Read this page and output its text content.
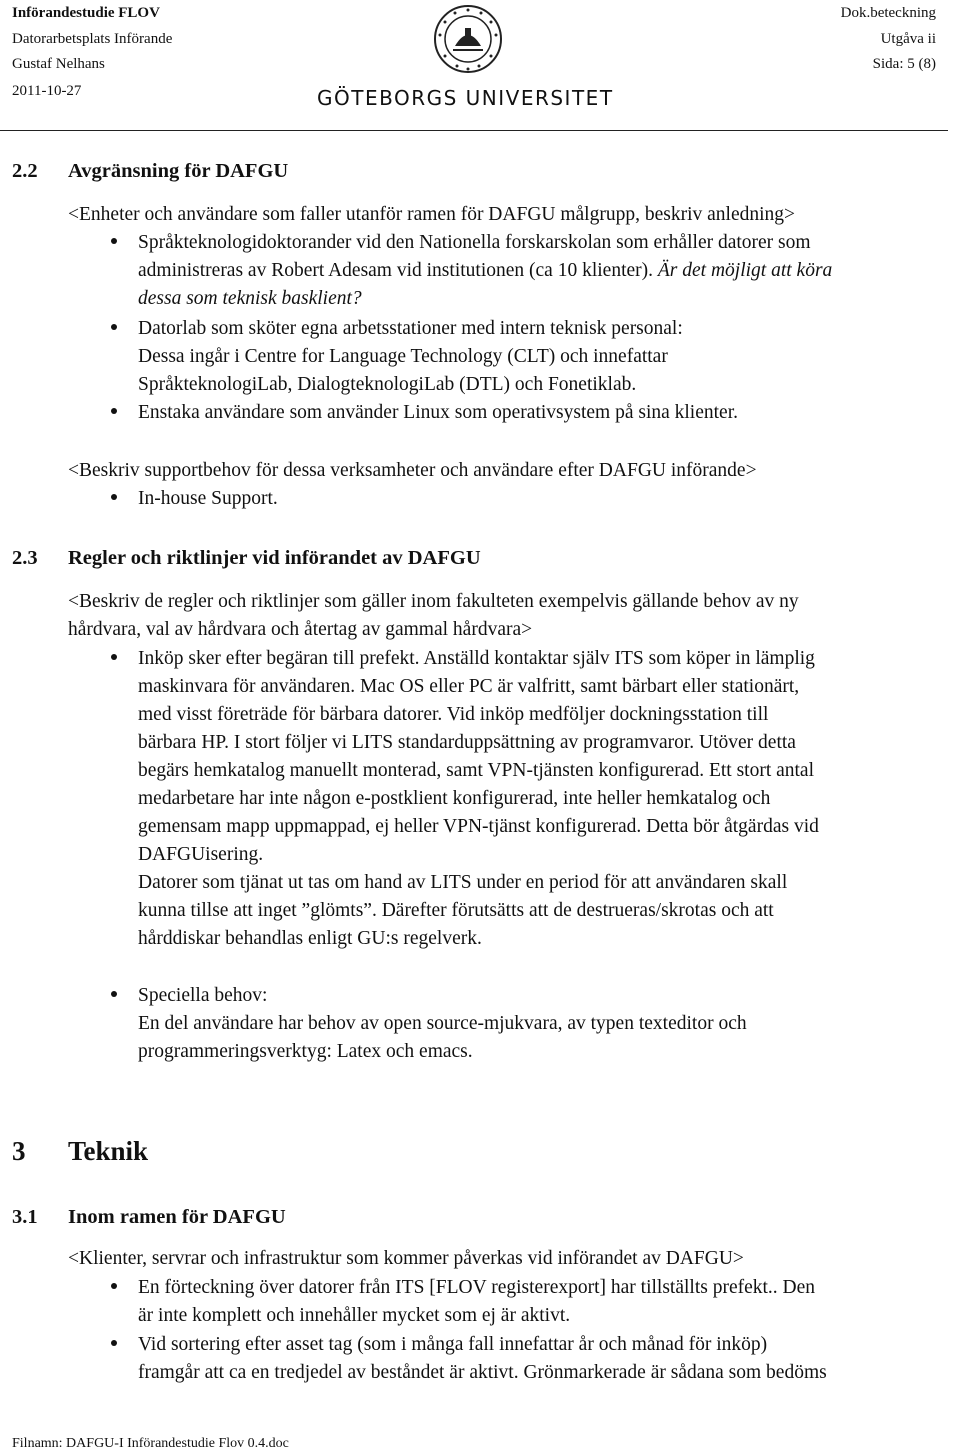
Införandestudie FLOV
Datorarbetsplats Införande
Gustaf Nelhans
2011-10-27
Dok.beteckning
Utgåva ii
Sida: 5 (8)
GÖTEBORGS UNIVERSITET
2.2 Avgränsning för DAFGU
<Enheter och användare som faller utanför ramen för DAFGU målgrupp, beskriv anledning>
Språkteknologidoktorander vid den Nationella forskarskolan som erhåller datorer som
administreras av Robert Adesam vid institutionen (ca 10 klienter). Är det möjligt att köra
dessa som teknisk basklient?
Datorlab som sköter egna arbetsstationer med intern teknisk personal:
Dessa ingår i Centre for Language Technology (CLT) och innefattar
SpråkteknologiLab, DialogteknologiLab (DTL) och Fonetiklab.
Enstaka användare som använder Linux som operativsystem på sina klienter.
<Beskriv supportbehov för dessa verksamheter och användare efter DAFGU införande>
In-house Support.
2.3 Regler och riktlinjer vid införandet av DAFGU
<Beskriv de regler och riktlinjer som gäller inom fakulteten exempelvis gällande behov av ny
hårdvara, val av hårdvara och återtag av gammal hårdvara>
Inköp sker efter begäran till prefekt. Anställd kontaktar själv ITS som köper in lämplig
maskinvara för användaren. Mac OS eller PC är valfritt, samt bärbart eller stationärt,
med visst företräde för bärbara datorer. Vid inköp medföljer dockningsstation till
bärbara HP. I stort följer vi LITS standarduppsättning av programvaror. Utöver detta
begärs hemkatalog manuellt monterad, samt VPN-tjänsten konfigurerad. Ett stort antal
medarbetare har inte någon e-postklient konfigurerad, inte heller hemkatalog och
gemensam mapp uppmappad, ej heller VPN-tjänst konfigurerad. Detta bör åtgärdas vid
DAFGUisering.
Datorer som tjänat ut tas om hand av LITS under en period för att användaren skall
kunna tillse att inget ”glömts”. Därefter förutsätts att de destrueras/skrotas och att
hårddiskar behandlas enligt GU:s regelverk.
Speciella behov:
En del användare har behov av open source-mjukvara, av typen texteditor och
programmeringsverktyg: Latex och emacs.
3 Teknik
3.1 Inom ramen för DAFGU
<Klienter, servrar och infrastruktur som kommer påverkas vid införandet av DAFGU>
En förteckning över datorer från ITS [FLOV registerexport] har tillställts prefekt.. Den
är inte komplett och innehåller mycket som ej är aktivt.
Vid sortering efter asset tag (som i många fall innefattar år och månad för inköp)
framgår att ca en tredjedel av beståndet är aktivt. Grönmarkerade är sådana som bedöms
Filnamn: DAFGU-I Införandestudie Flov 0.4.doc
